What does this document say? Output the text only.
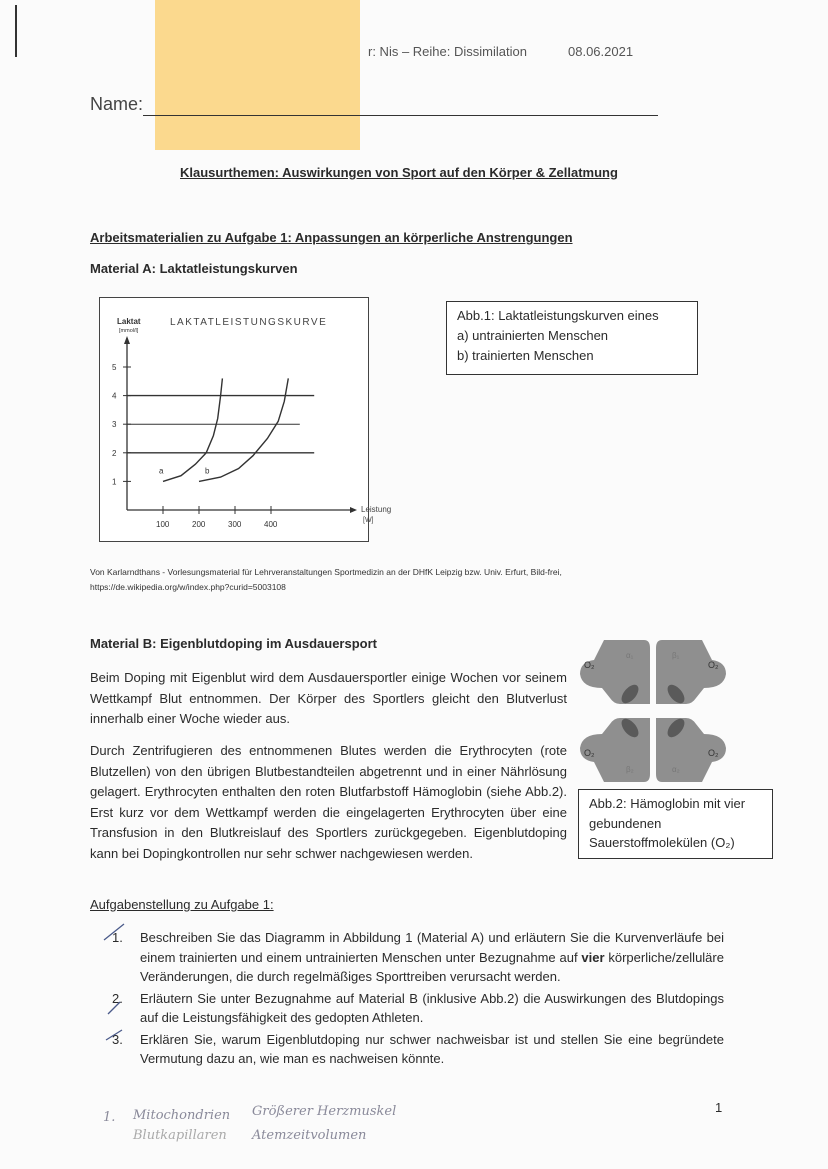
r: Nis – Reihe: Dissimilation	08.06.2021
Name:
Klausurthemen: Auswirkungen von Sport auf den Körper & Zellatmung
Arbeitsmaterialien zu Aufgabe 1: Anpassungen an körperliche Anstrengungen
Material A: Laktatleistungskurven
Laktat
[mmol/l]
LAKTATLEISTUNGSKURVE
Leistung
[W]
1
2
3
4
5
100	200	300	400
a	b
Abb.1: Laktatleistungskurven eines
a) untrainierten Menschen
b) trainierten Menschen
Von Karlarndthans - Vorlesungsmaterial für Lehrveranstaltungen Sportmedizin an der DHfK Leipzig bzw. Univ. Erfurt, Bild-frei,
https://de.wikipedia.org/w/index.php?curid=5003108
Material B: Eigenblutdoping im Ausdauersport

Beim Doping mit Eigenblut wird dem Ausdauersportler einige Wochen vor seinem Wettkampf Blut entnommen. Der Körper des Sportlers gleicht den Blutverlust innerhalb einer Woche wieder aus.

Durch Zentrifugieren des entnommenen Blutes werden die Erythrocyten (rote Blutzellen) von den übrigen Blutbestandteilen abgetrennt und in einer Nährlösung gelagert. Erythrocyten enthalten den roten Blutfarbstoff Hämoglobin (siehe Abb.2). Erst kurz vor dem Wettkampf werden die eingelagerten Erythrocyten über eine Transfusion in den Blutkreislauf des Sportlers zurückgegeben. Eigenblutdoping kann bei Dopingkontrollen nur sehr schwer nachgewiesen werden.

O₂	O₂
O₂	O₂
α₁	β₁
β₂	α₂
Abb.2: Hämoglobin mit vier
gebundenen
Sauerstoffmolekülen (O₂)
Aufgabenstellung zu Aufgabe 1:
1. Beschreiben Sie das Diagramm in Abbildung 1 (Material A) und erläutern Sie die Kurvenverläufe bei einem trainierten und einem untrainierten Menschen unter Bezugnahme auf vier körperliche/zelluläre Veränderungen, die durch regelmäßiges Sporttreiben verursacht werden.
2. Erläutern Sie unter Bezugnahme auf Material B (inklusive Abb.2) die Auswirkungen des Blutdopings auf die Leistungsfähigkeit des gedopten Athleten.
3. Erklären Sie, warum Eigenblutdoping nur schwer nachweisbar ist und stellen Sie eine begründete Vermutung dazu an, wie man es nachweisen könnte.
1
1. Mitochondrien Größerer Herzmuskel
Blutkapillaren Atemzeitvolumen
